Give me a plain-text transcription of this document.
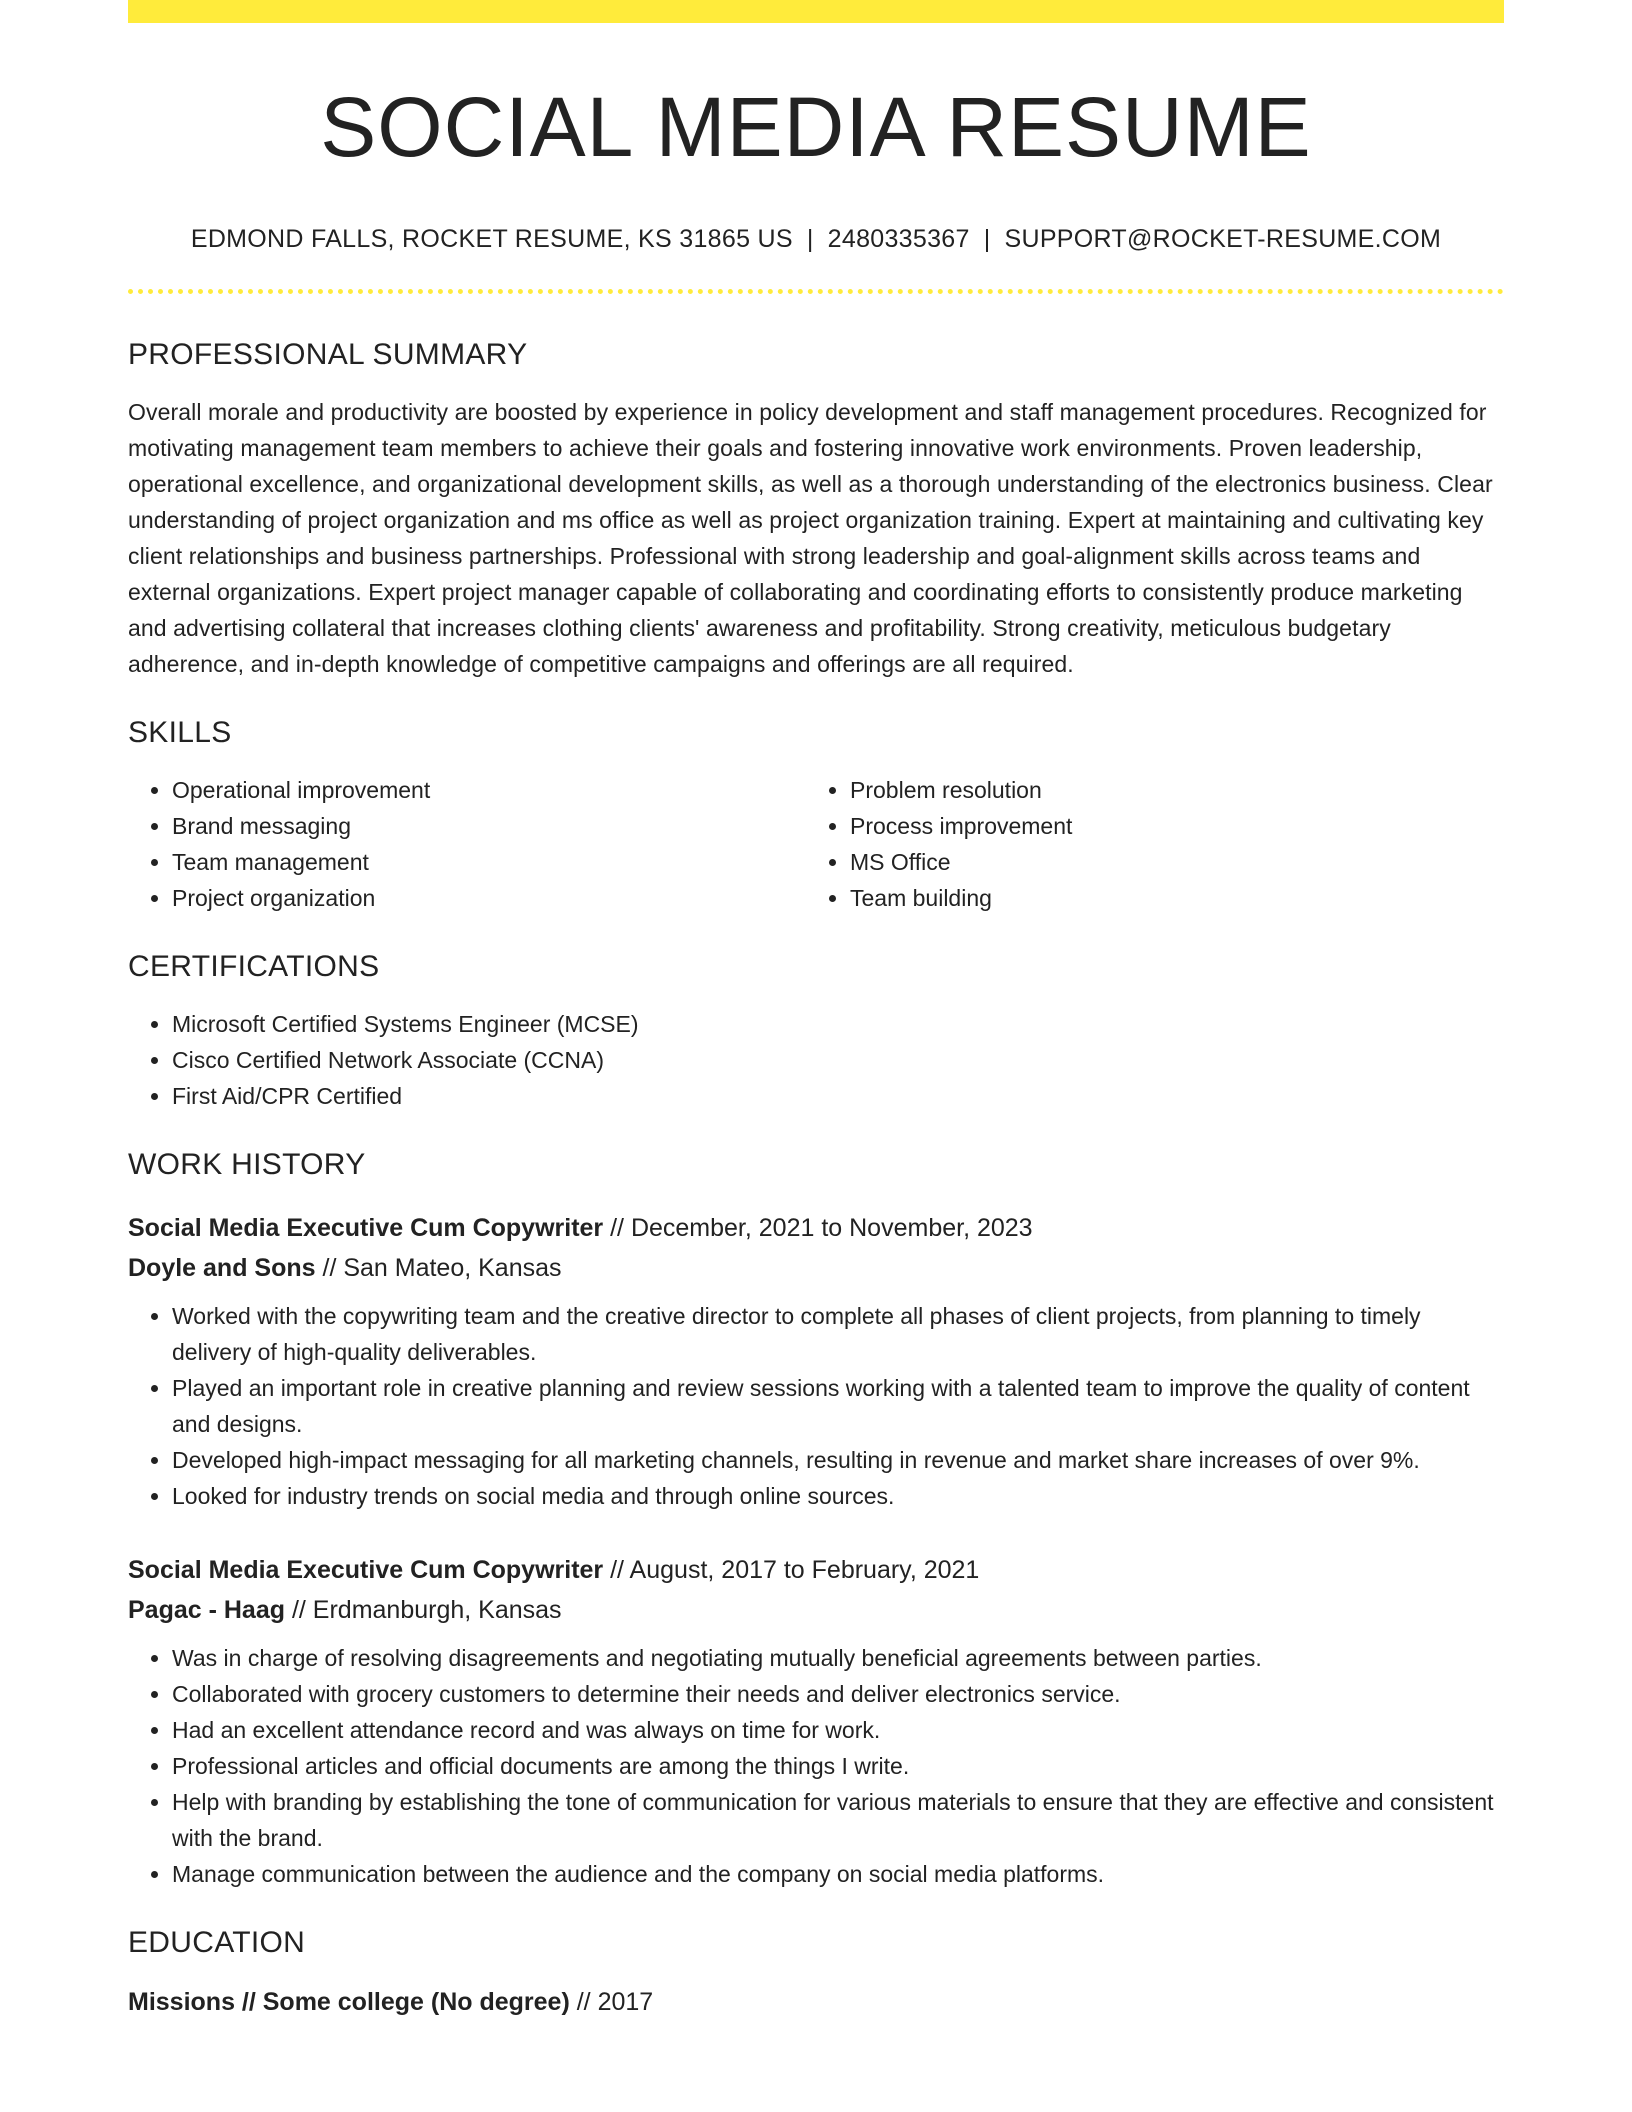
SOCIAL MEDIA RESUME
EDMOND FALLS, ROCKET RESUME, KS 31865 US | 2480335367 | SUPPORT@ROCKET-RESUME.COM
PROFESSIONAL SUMMARY
Overall morale and productivity are boosted by experience in policy development and staff management procedures. Recognized for motivating management team members to achieve their goals and fostering innovative work environments. Proven leadership, operational excellence, and organizational development skills, as well as a thorough understanding of the electronics business. Clear understanding of project organization and ms office as well as project organization training. Expert at maintaining and cultivating key client relationships and business partnerships. Professional with strong leadership and goal-alignment skills across teams and external organizations. Expert project manager capable of collaborating and coordinating efforts to consistently produce marketing and advertising collateral that increases clothing clients' awareness and profitability. Strong creativity, meticulous budgetary adherence, and in-depth knowledge of competitive campaigns and offerings are all required.
SKILLS
• Operational improvement
• Brand messaging
• Team management
• Project organization
• Problem resolution
• Process improvement
• MS Office
• Team building
CERTIFICATIONS
• Microsoft Certified Systems Engineer (MCSE)
• Cisco Certified Network Associate (CCNA)
• First Aid/CPR Certified
WORK HISTORY
Social Media Executive Cum Copywriter // December, 2021 to November, 2023
Doyle and Sons // San Mateo, Kansas
• Worked with the copywriting team and the creative director to complete all phases of client projects, from planning to timely delivery of high-quality deliverables.
• Played an important role in creative planning and review sessions working with a talented team to improve the quality of content and designs.
• Developed high-impact messaging for all marketing channels, resulting in revenue and market share increases of over 9%.
• Looked for industry trends on social media and through online sources.
Social Media Executive Cum Copywriter // August, 2017 to February, 2021
Pagac - Haag // Erdmanburgh, Kansas
• Was in charge of resolving disagreements and negotiating mutually beneficial agreements between parties.
• Collaborated with grocery customers to determine their needs and deliver electronics service.
• Had an excellent attendance record and was always on time for work.
• Professional articles and official documents are among the things I write.
• Help with branding by establishing the tone of communication for various materials to ensure that they are effective and consistent with the brand.
• Manage communication between the audience and the company on social media platforms.
EDUCATION
Missions // Some college (No degree) // 2017
